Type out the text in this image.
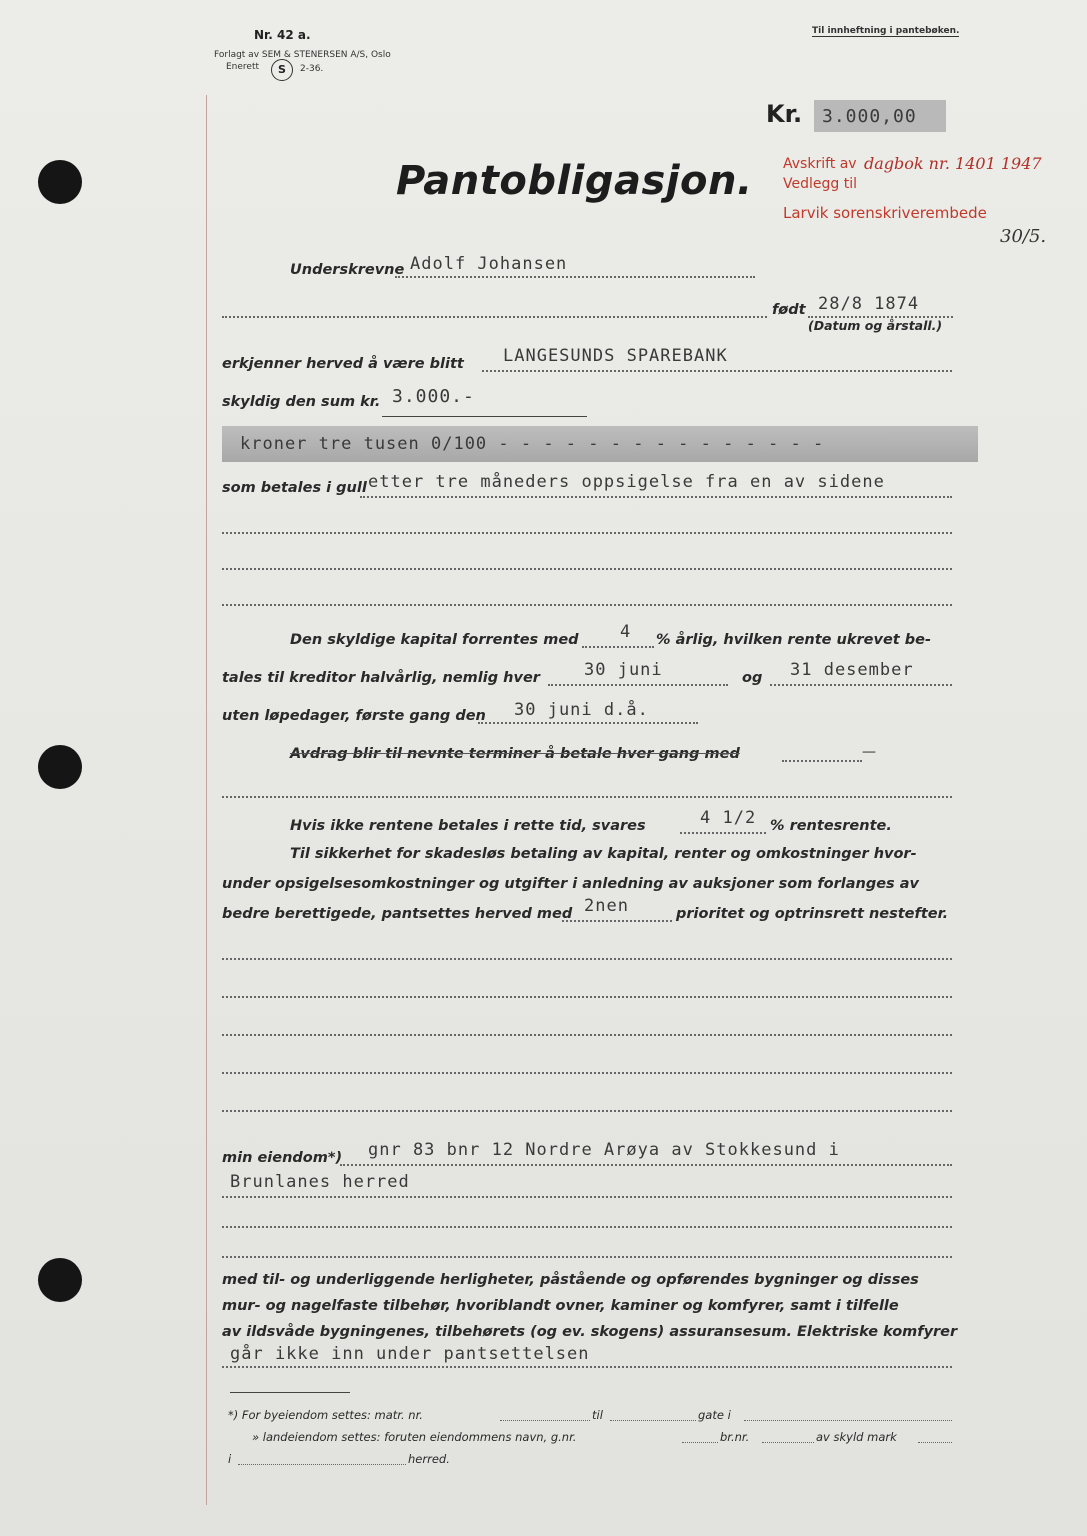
Nr. 42 a.
Forlagt av SEM & STENERSEN A/S, Oslo
Enerett	S	2-36.
Til innheftning i pantebøken.
Kr. 3.000,00
Pantobligasjon. Avskrift av dagbok nr. 1401 1947
Vedlegg til
Larvik sorenskriverembede
30/5.
Underskrevne Adolf Johansen
født 28/8 1874
(Datum og årstall.)
erkjenner herved å være blitt LANGESUNDS SPAREBANK
skyldig den sum kr. 3.000.-
kroner tre tusen 0/100 - - - - - - - - - - - - - - -
som betales i gull etter tre måneders oppsigelse fra en av sidene
Den skyldige kapital forrentes med 4 % årlig, hvilken rente ukrevet be-
tales til kreditor halvårlig, nemlig hver	30 juni	og 31 desember
uten løpedager, første gang den 30 juni d.å.
Avdrag blir til nevnte terminer å betale hver gang med	—
Hvis ikke rentene betales i rette tid, svares	4 1/2 % rentesrente.
Til sikkerhet for skadesløs betaling av kapital, renter og omkostninger hvor-
under opsigelsesomkostninger og utgifter i anledning av auksjoner som forlanges av
bedre berettigede, pantsettes herved med 2nen	prioritet og optrinsrett nestefter.
min eiendom*) gnr 83 bnr 12 Nordre Arøya av Stokkesund i
Brunlanes herred
med til- og underliggende herligheter, påstående og opførendes bygninger og disses
mur- og nagelfaste tilbehør, hvoriblandt ovner, kaminer og komfyrer, samt i tilfelle
av ildsvåde bygningenes, tilbehørets (og ev. skogens) assuransesum. Elektriske komfyrer
går ikke inn under pantsettelsen
*) For byeiendom settes: matr. nr.	til	gate i
» landeiendom settes: foruten eiendommens navn, g.nr.	br.nr.	av skyld mark
i	herred.
